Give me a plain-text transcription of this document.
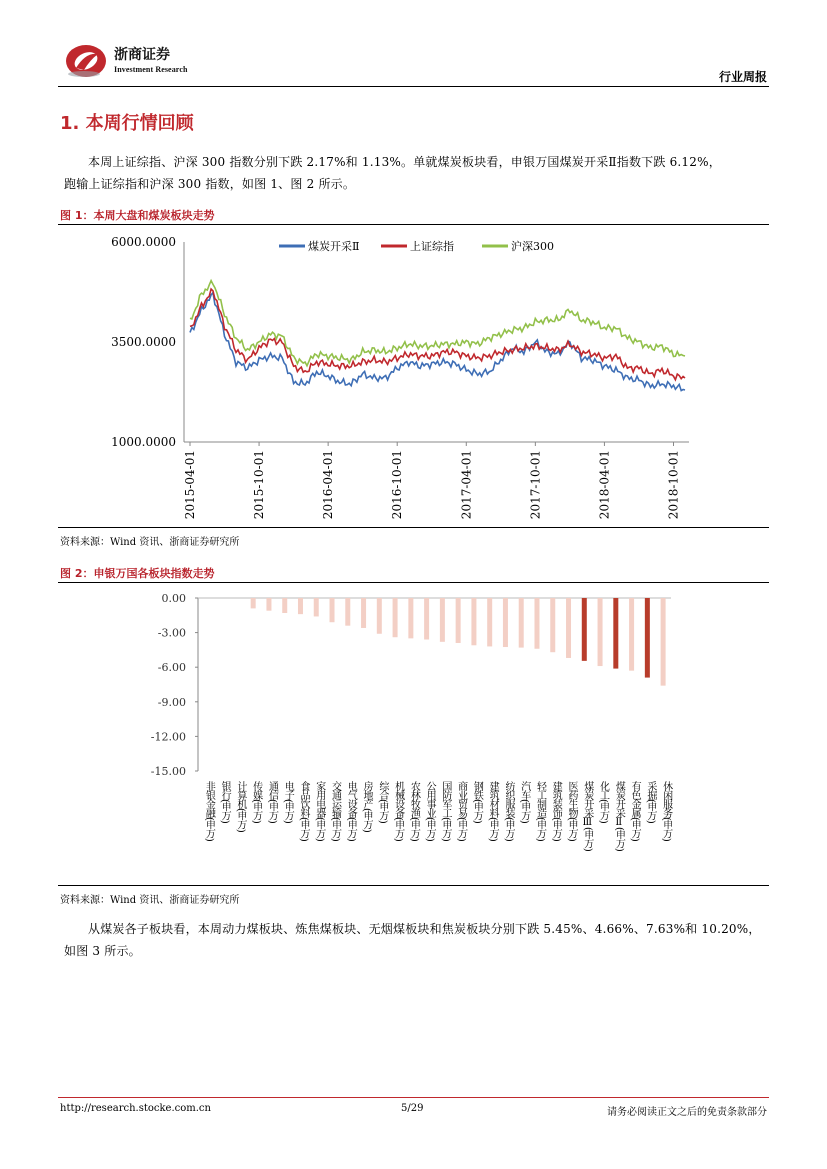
浙商证券
Investment Research
行业周报
1. 本周行情回顾
本周上证综指、沪深 300 指数分别下跌 2.17%和 1.13%。单就煤炭板块看，申银万国煤炭开采Ⅱ指数下跌 6.12%，
跑输上证综指和沪深 300 指数，如图 1、图 2 所示。
图 1：本周大盘和煤炭板块走势
煤炭开采Ⅱ	上证综指	沪深300
6000.0000
3500.0000
1000.0000
2015-04-01	2015-10-01	2016-04-01	2016-10-01	2017-04-01	2017-10-01	2018-04-01	2018-10-01
资料来源：Wind 资讯、浙商证券研究所
图 2：申银万国各板块指数走势
0.00
-3.00
-6.00
-9.00
-12.00
-15.00
非银金融(申万) 银行(申万) 计算机(申万) 传媒(申万) 通信(申万) 电子(申万) 食品饮料(申万) 家用电器(申万) 交通运输(申万) 电气设备(申万) 房地产(申万) 综合(申万) 机械设备(申万) 农林牧渔(申万) 公用事业(申万) 国防军工(申万) 商业贸易(申万) 钢铁(申万) 建筑材料(申万) 纺织服装(申万) 汽车(申万) 轻工制造(申万) 建筑装饰(申万) 医药生物(申万) 煤炭开采Ⅲ(申万) 化工(申万) 煤炭开采Ⅱ(申万) 有色金属(申万) 采掘(申万) 休闲服务(申万)
资料来源：Wind 资讯、浙商证券研究所
从煤炭各子板块看，本周动力煤板块、炼焦煤板块、无烟煤板块和焦炭板块分别下跌 5.45%、4.66%、7.63%和 10.20%，
如图 3 所示。
http://research.stocke.com.cn	5/29	请务必阅读正文之后的免责条款部分
